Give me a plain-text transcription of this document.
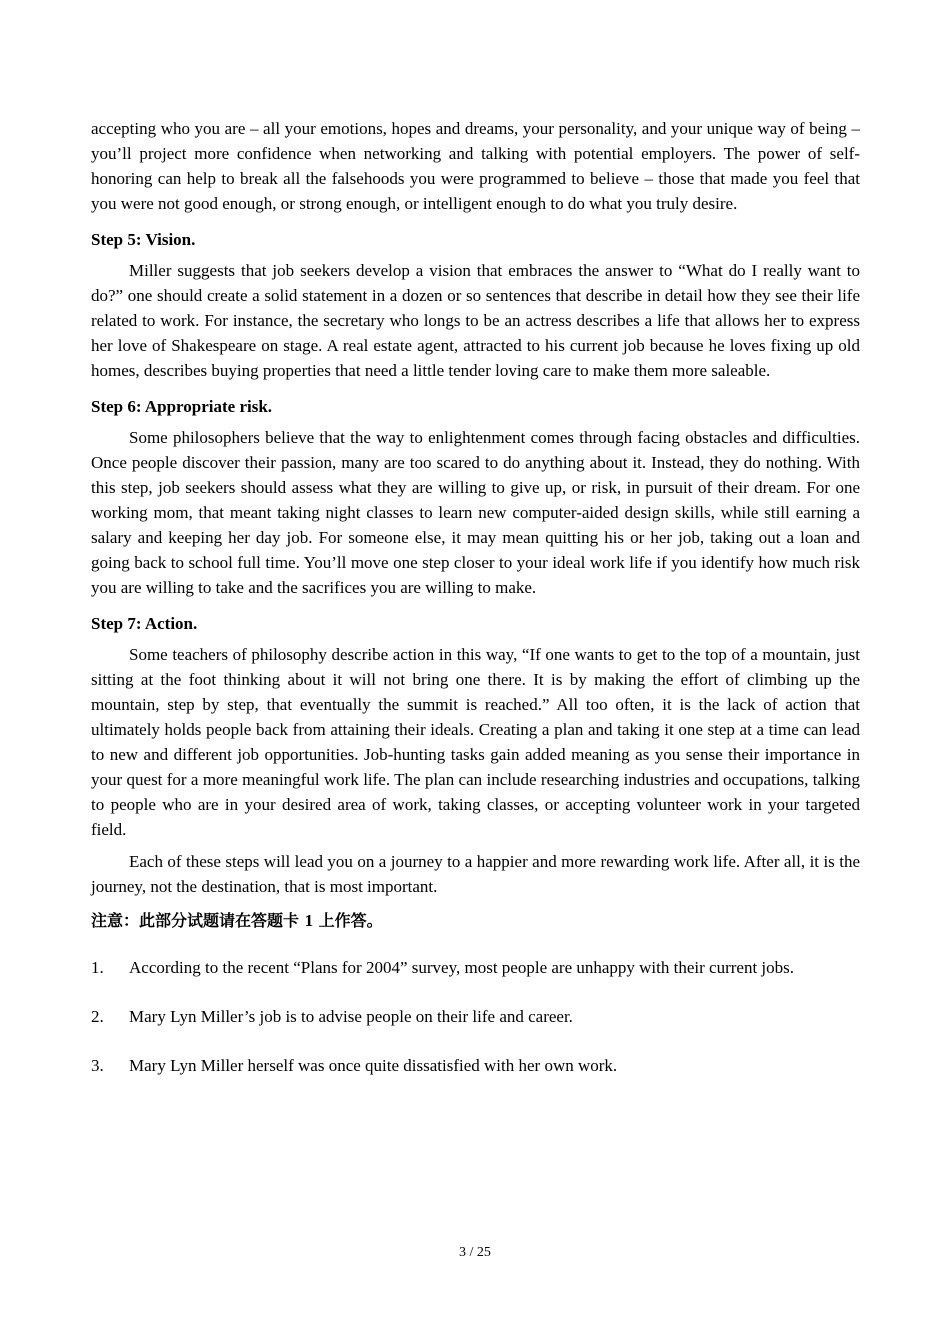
accepting who you are – all your emotions, hopes and dreams, your personality, and your unique way of being – you’ll project more confidence when networking and talking with potential employers. The power of self-honoring can help to break all the falsehoods you were programmed to believe – those that made you feel that you were not good enough, or strong enough, or intelligent enough to do what you truly desire.

Step 5: Vision.

Miller suggests that job seekers develop a vision that embraces the answer to “What do I really want to do?” one should create a solid statement in a dozen or so sentences that describe in detail how they see their life related to work. For instance, the secretary who longs to be an actress describes a life that allows her to express her love of Shakespeare on stage. A real estate agent, attracted to his current job because he loves fixing up old homes, describes buying properties that need a little tender loving care to make them more saleable.

Step 6: Appropriate risk.

Some philosophers believe that the way to enlightenment comes through facing obstacles and difficulties. Once people discover their passion, many are too scared to do anything about it. Instead, they do nothing. With this step, job seekers should assess what they are willing to give up, or risk, in pursuit of their dream. For one working mom, that meant taking night classes to learn new computer-aided design skills, while still earning a salary and keeping her day job. For someone else, it may mean quitting his or her job, taking out a loan and going back to school full time. You’ll move one step closer to your ideal work life if you identify how much risk you are willing to take and the sacrifices you are willing to make.

Step 7: Action.

Some teachers of philosophy describe action in this way, “If one wants to get to the top of a mountain, just sitting at the foot thinking about it will not bring one there. It is by making the effort of climbing up the mountain, step by step, that eventually the summit is reached.” All too often, it is the lack of action that ultimately holds people back from attaining their ideals. Creating a plan and taking it one step at a time can lead to new and different job opportunities. Job-hunting tasks gain added meaning as you sense their importance in your quest for a more meaningful work life. The plan can include researching industries and occupations, talking to people who are in your desired area of work, taking classes, or accepting volunteer work in your targeted field.

Each of these steps will lead you on a journey to a happier and more rewarding work life. After all, it is the journey, not the destination, that is most important.

注意：此部分试题请在答题卡 1 上作答。

1.	According to the recent “Plans for 2004” survey, most people are unhappy with their current jobs.
2.	Mary Lyn Miller’s job is to advise people on their life and career.
3.	Mary Lyn Miller herself was once quite dissatisfied with her own work.
3 / 25
